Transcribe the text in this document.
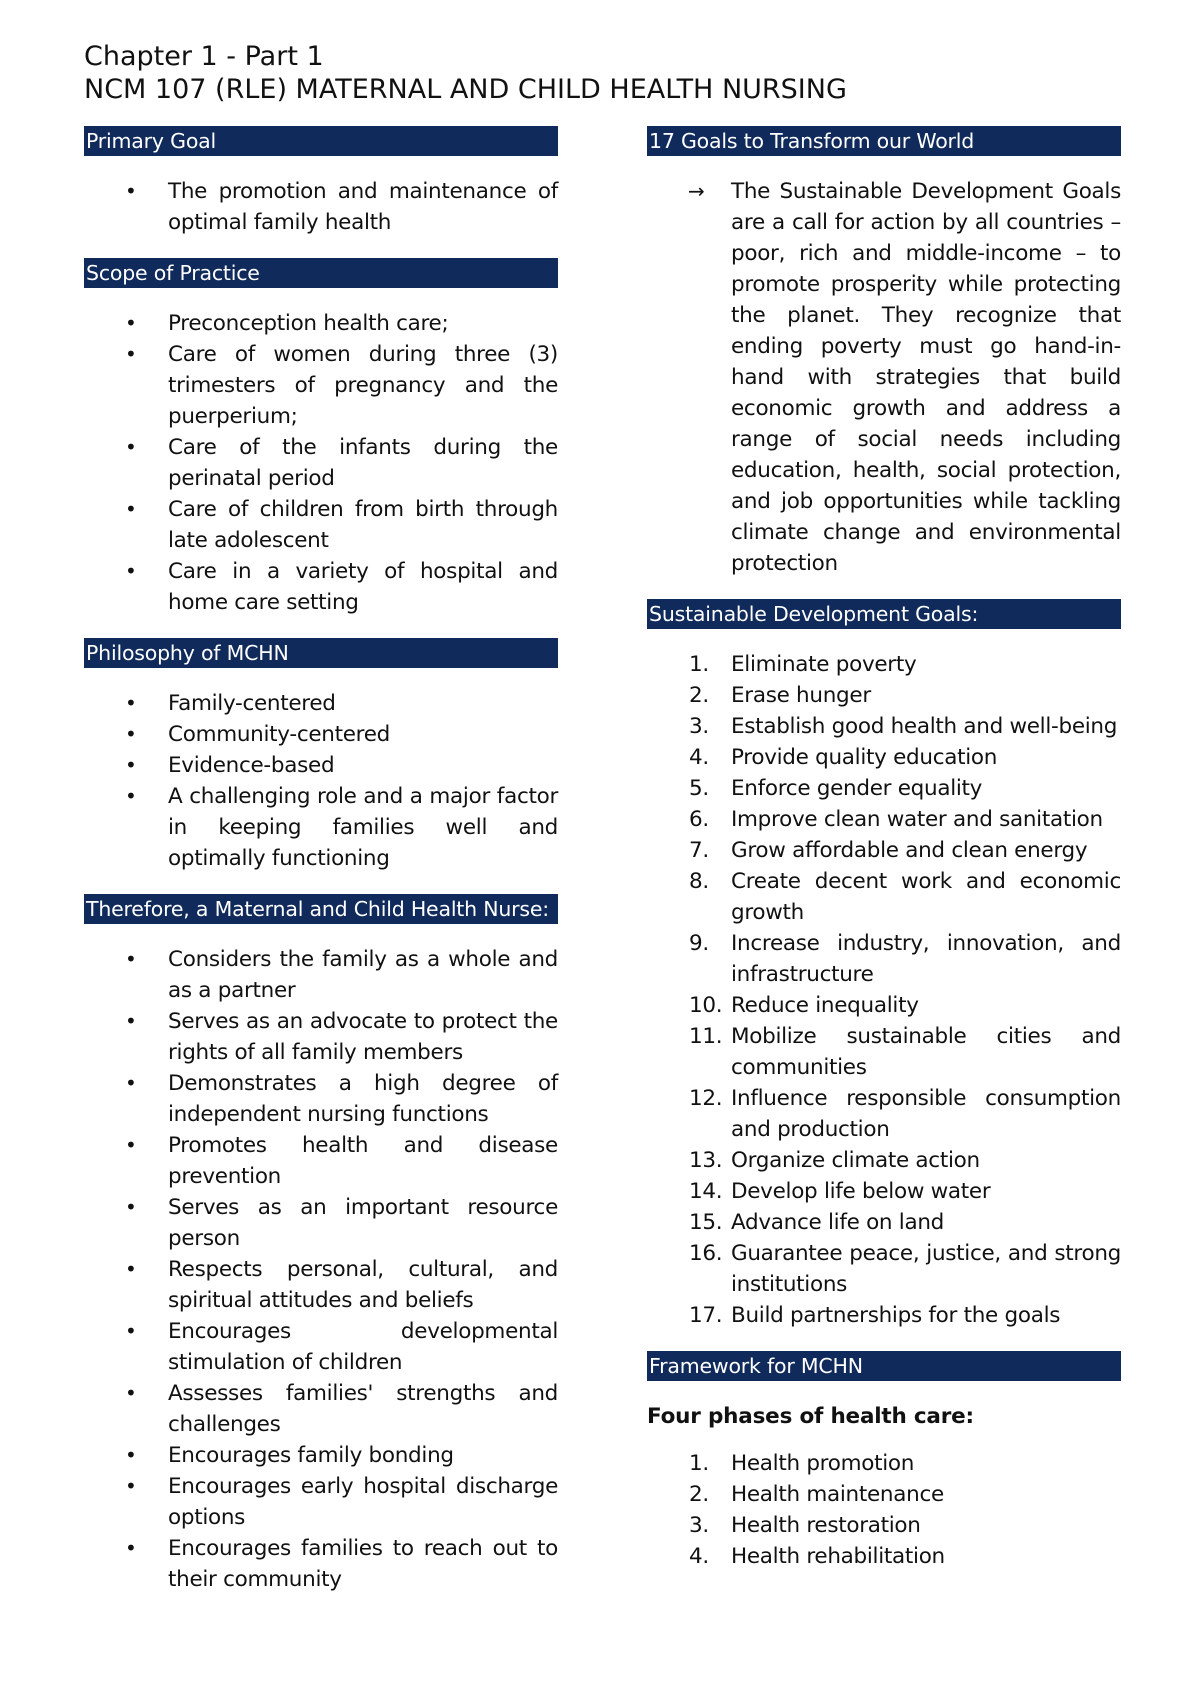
Chapter 1 - Part 1
NCM 107 (RLE) MATERNAL AND CHILD HEALTH NURSING
Primary Goal
•	The promotion and maintenance of optimal family health
Scope of Practice
•	Preconception health care;
•	Care of women during three (3) trimesters of pregnancy and the puerperium;
•	Care of the infants during the perinatal period
•	Care of children from birth through late adolescent
•	Care in a variety of hospital and home care setting
Philosophy of MCHN
•	Family-centered
•	Community-centered
•	Evidence-based
•	A challenging role and a major factor in keeping families well and optimally functioning
Therefore, a Maternal and Child Health Nurse:
•	Considers the family as a whole and as a partner
•	Serves as an advocate to protect the rights of all family members
•	Demonstrates a high degree of independent nursing functions
•	Promotes health and disease prevention
•	Serves as an important resource person
•	Respects personal, cultural, and spiritual attitudes and beliefs
•	Encourages developmental stimulation of children
•	Assesses families' strengths and challenges
•	Encourages family bonding
•	Encourages early hospital discharge options
•	Encourages families to reach out to their community
17 Goals to Transform our World
→	The Sustainable Development Goals are a call for action by all countries – poor, rich and middle-income – to promote prosperity while protecting the planet. They recognize that ending poverty must go hand-in-hand with strategies that build economic growth and address a range of social needs including education, health, social protection, and job opportunities while tackling climate change and environmental protection
Sustainable Development Goals:
1.	Eliminate poverty
2.	Erase hunger
3.	Establish good health and well-being
4.	Provide quality education
5.	Enforce gender equality
6.	Improve clean water and sanitation
7.	Grow affordable and clean energy
8.	Create decent work and economic growth
9.	Increase industry, innovation, and infrastructure
10. Reduce inequality
11. Mobilize sustainable cities and communities
12. Influence responsible consumption and production
13. Organize climate action
14. Develop life below water
15. Advance life on land
16. Guarantee peace, justice, and strong institutions
17. Build partnerships for the goals
Framework for MCHN
Four phases of health care:
1.	Health promotion
2.	Health maintenance
3.	Health restoration
4.	Health rehabilitation
